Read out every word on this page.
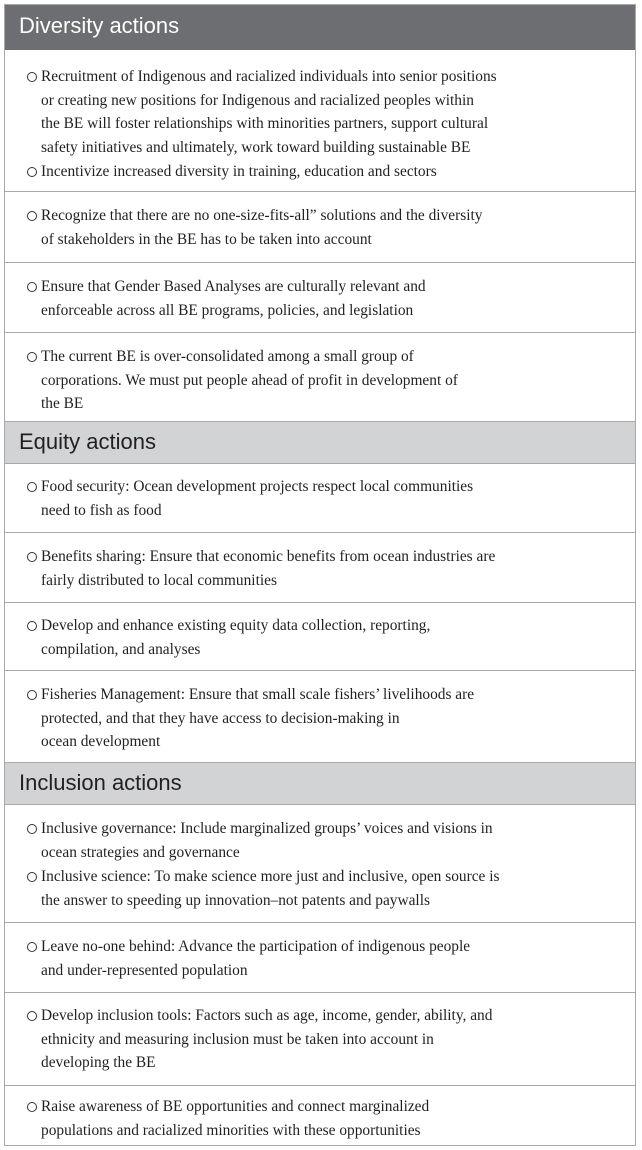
Diversity actions
Recruitment of Indigenous and racialized individuals into senior positions
or creating new positions for Indigenous and racialized peoples within
the BE will foster relationships with minorities partners, support cultural
safety initiatives and ultimately, work toward building sustainable BE
Incentivize increased diversity in training, education and sectors
Recognize that there are no one-size-fits-all” solutions and the diversity
of stakeholders in the BE has to be taken into account
Ensure that Gender Based Analyses are culturally relevant and
enforceable across all BE programs, policies, and legislation
The current BE is over-consolidated among a small group of
corporations. We must put people ahead of profit in development of
the BE
Equity actions
Food security: Ocean development projects respect local communities
need to fish as food
Benefits sharing: Ensure that economic benefits from ocean industries are
fairly distributed to local communities
Develop and enhance existing equity data collection, reporting,
compilation, and analyses
Fisheries Management: Ensure that small scale fishers’ livelihoods are
protected, and that they have access to decision-making in
ocean development
Inclusion actions
Inclusive governance: Include marginalized groups’ voices and visions in
ocean strategies and governance
Inclusive science: To make science more just and inclusive, open source is
the answer to speeding up innovation–not patents and paywalls
Leave no-one behind: Advance the participation of indigenous people
and under-represented population
Develop inclusion tools: Factors such as age, income, gender, ability, and
ethnicity and measuring inclusion must be taken into account in
developing the BE
Raise awareness of BE opportunities and connect marginalized
populations and racialized minorities with these opportunities
